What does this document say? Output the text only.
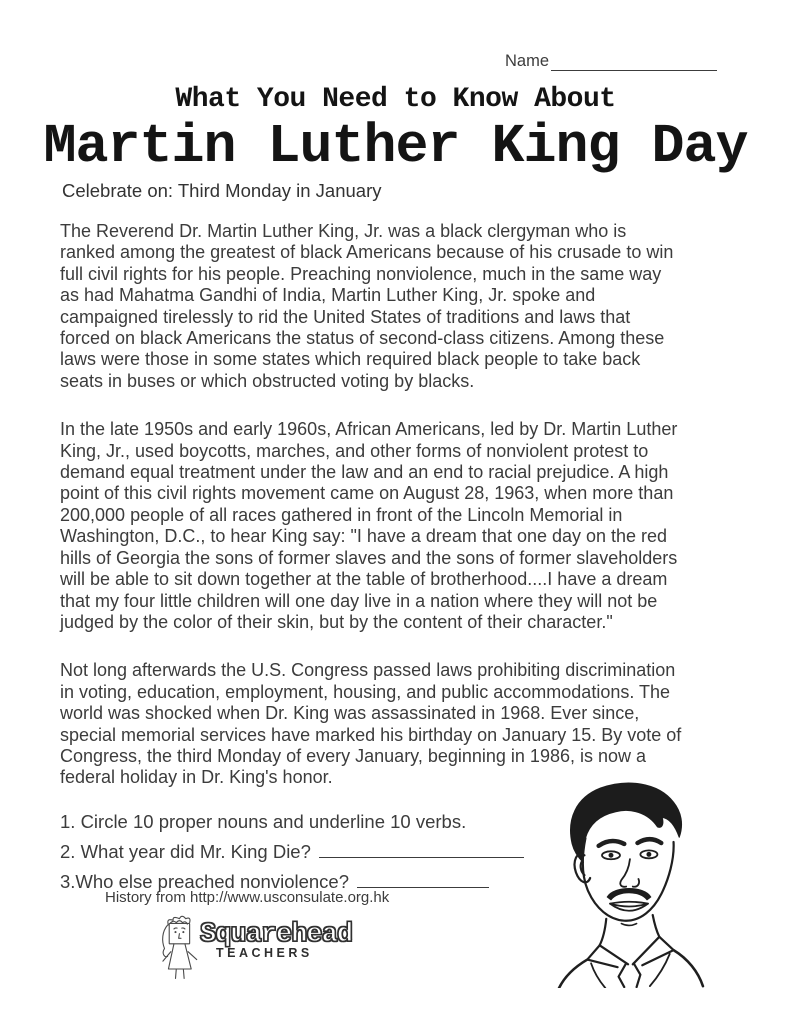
Name
What You Need to Know About
Martin Luther King Day
Celebrate on: Third Monday in January

The Reverend Dr. Martin Luther King, Jr. was a black clergyman who is ranked among the greatest of black Americans because of his crusade to win full civil rights for his people. Preaching nonviolence, much in the same way as had Mahatma Gandhi of India, Martin Luther King, Jr. spoke and campaigned tirelessly to rid the United States of traditions and laws that forced on black Americans the status of second-class citizens. Among these laws were those in some states which required black people to take back seats in buses or which obstructed voting by blacks.

In the late 1950s and early 1960s, African Americans, led by Dr. Martin Luther King, Jr., used boycotts, marches, and other forms of nonviolent protest to demand equal treatment under the law and an end to racial prejudice. A high point of this civil rights movement came on August 28, 1963, when more than 200,000 people of all races gathered in front of the Lincoln Memorial in Washington, D.C., to hear King say: "I have a dream that one day on the red hills of Georgia the sons of former slaves and the sons of former slaveholders will be able to sit down together at the table of brotherhood....I have a dream that my four little children will one day live in a nation where they will not be judged by the color of their skin, but by the content of their character."

Not long afterwards the U.S. Congress passed laws prohibiting discrimination in voting, education, employment, housing, and public accommodations. The world was shocked when Dr. King was assassinated in 1968. Ever since, special memorial services have marked his birthday on January 15. By vote of Congress, the third Monday of every January, beginning in 1986, is now a federal holiday in Dr. King's honor.

1. Circle 10 proper nouns and underline 10 verbs.
2. What year did Mr. King Die?
3.Who else preached nonviolence?
History from http://www.usconsulate.org.hk
Squarehead
TEACHERS
